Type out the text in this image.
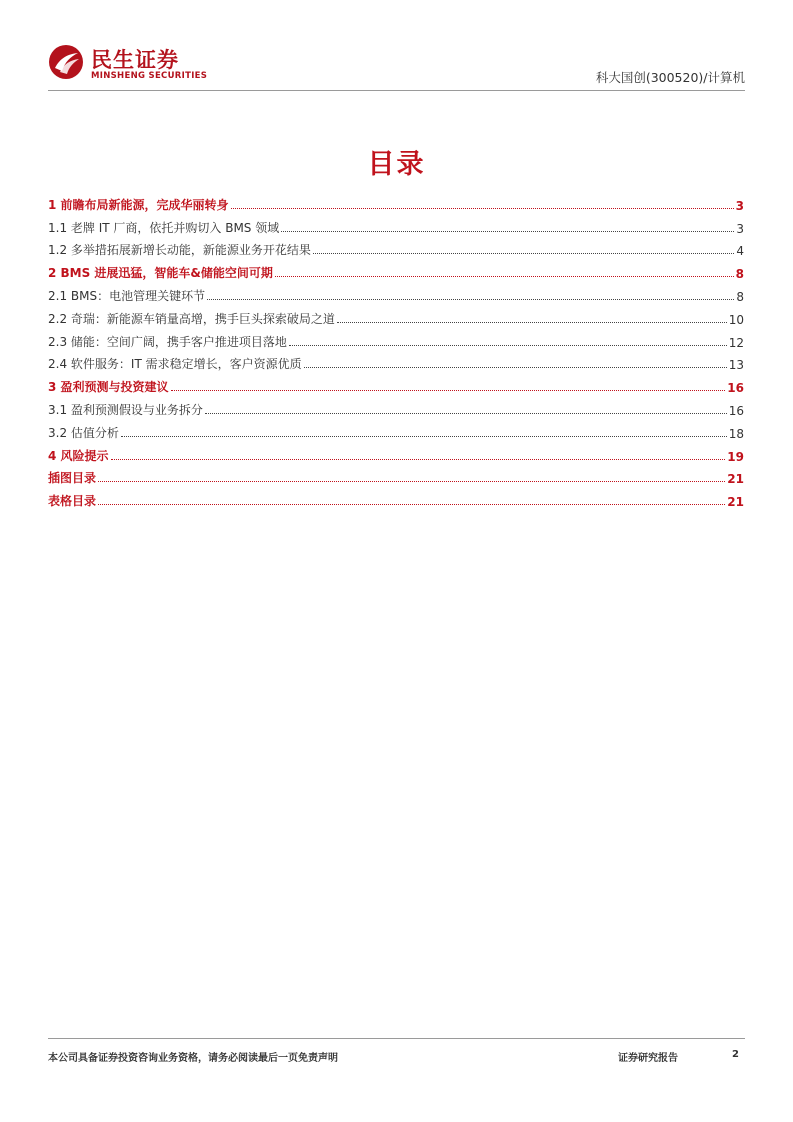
民生证券
MINSHENG SECURITIES	科大国创(300520)/计算机
目录
1 前瞻布局新能源，完成华丽转身	3
1.1 老牌 IT 厂商，依托并购切入 BMS 领域	3
1.2 多举措拓展新增长动能，新能源业务开花结果	4
2 BMS 进展迅猛，智能车&储能空间可期	8
2.1 BMS：电池管理关键环节	8
2.2 奇瑞：新能源车销量高增，携手巨头探索破局之道	10
2.3 储能：空间广阔，携手客户推进项目落地	12
2.4 软件服务：IT 需求稳定增长，客户资源优质	13
3 盈利预测与投资建议	16
3.1 盈利预测假设与业务拆分	16
3.2 估值分析	18
4 风险提示	19
插图目录	21
表格目录	21
本公司具备证券投资咨询业务资格，请务必阅读最后一页免责声明	证券研究报告	2
